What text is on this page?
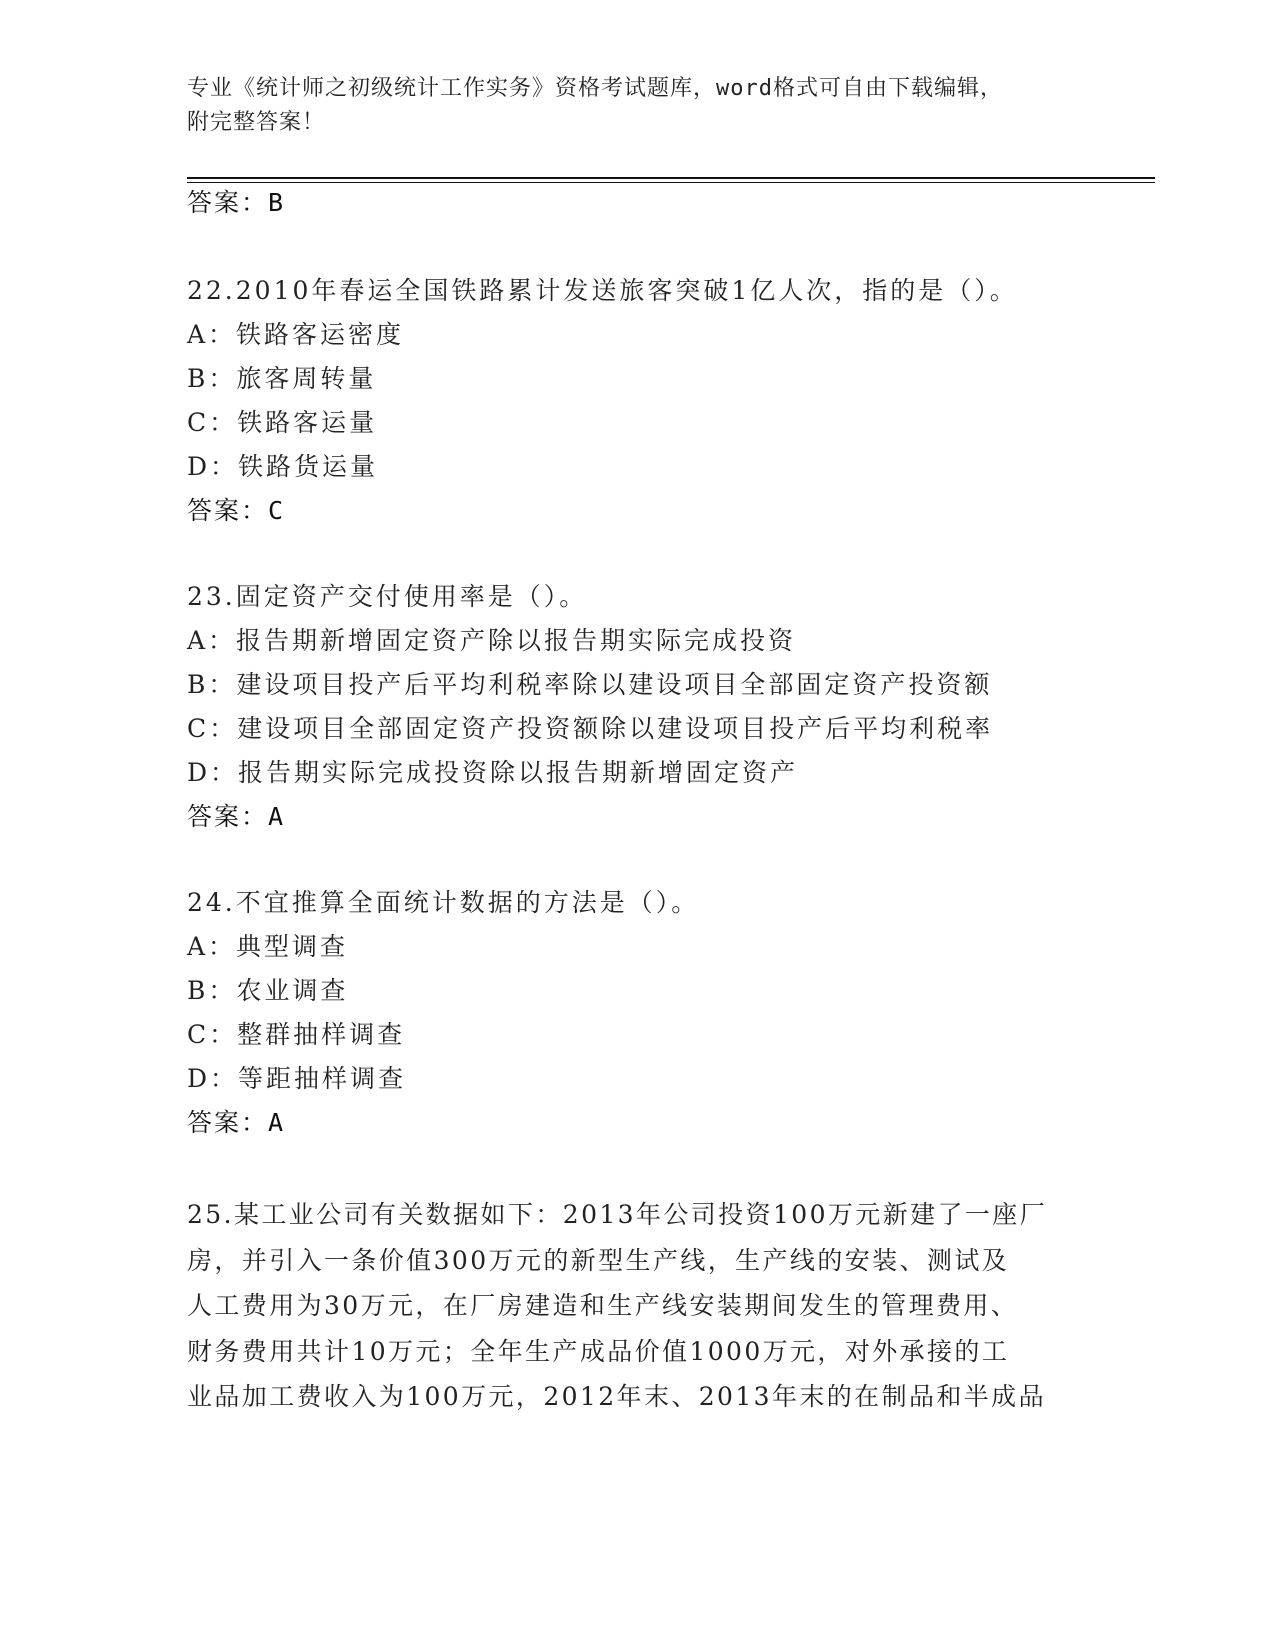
专业《统计师之初级统计工作实务》资格考试题库，word格式可自由下载编辑，
附完整答案！
答案：B
22.2010年春运全国铁路累计发送旅客突破1亿人次，指的是（）。
A：铁路客运密度
B：旅客周转量
C：铁路客运量
D：铁路货运量
答案：C
23.固定资产交付使用率是（）。
A：报告期新增固定资产除以报告期实际完成投资
B：建设项目投产后平均利税率除以建设项目全部固定资产投资额
C：建设项目全部固定资产投资额除以建设项目投产后平均利税率
D：报告期实际完成投资除以报告期新增固定资产
答案：A
24.不宜推算全面统计数据的方法是（）。
A：典型调查
B：农业调查
C：整群抽样调查
D：等距抽样调查
答案：A
25.某工业公司有关数据如下：2013年公司投资100万元新建了一座厂
房，并引入一条价值300万元的新型生产线，生产线的安装、测试及
人工费用为30万元，在厂房建造和生产线安装期间发生的管理费用、
财务费用共计10万元；全年生产成品价值1000万元，对外承接的工
业品加工费收入为100万元，2012年末、2013年末的在制品和半成品
